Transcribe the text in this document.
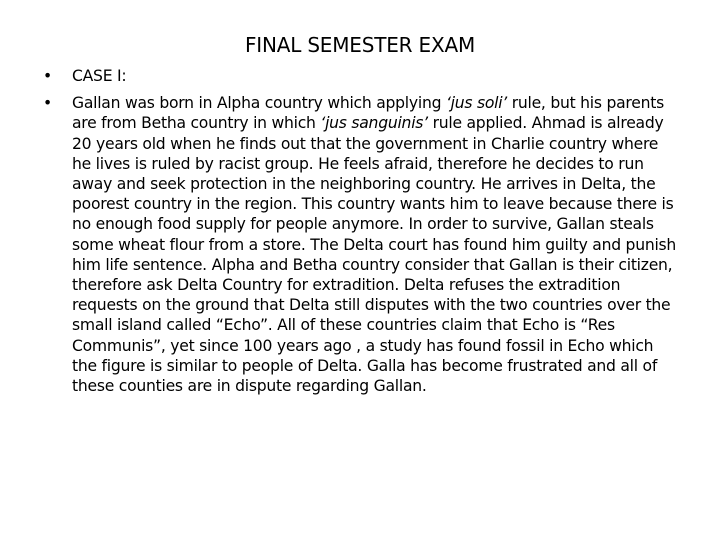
FINAL SEMESTER EXAM
• CASE I:
• Gallan was born in Alpha country which applying ‘jus soli’ rule, but his parents are from Betha country in which ‘jus sanguinis’ rule applied. Ahmad is already 20 years old when he finds out that the government in Charlie country where he lives is ruled by racist group. He feels afraid, therefore he decides to run away and seek protection in the neighboring country. He arrives in Delta, the poorest country in the region. This country wants him to leave because there is no enough food supply for people anymore. In order to survive, Gallan steals some wheat flour from a store. The Delta court has found him guilty and punish him life sentence. Alpha and Betha country consider that Gallan is their citizen, therefore ask Delta Country for extradition. Delta refuses the extradition requests on the ground that Delta still disputes with the two countries over the small island called “Echo”. All of these countries claim that Echo is “Res Communis”, yet since 100 years ago , a study has found fossil in Echo which the figure is similar to people of Delta. Galla has become frustrated and all of these counties are in dispute regarding Gallan.
